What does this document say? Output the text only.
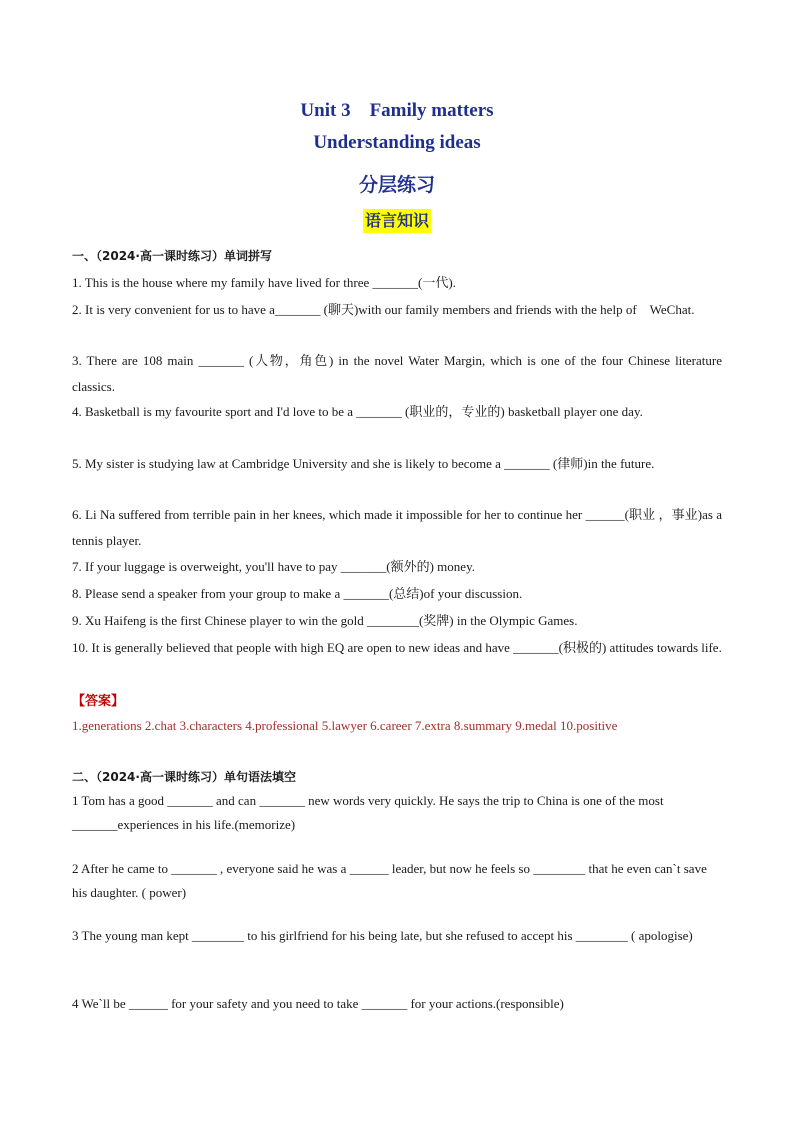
Unit 3　Family matters
Understanding ideas
分层练习
语言知识
一、（2024·高一课时练习）单词拼写
1. This is the house where my family have lived for three _______(一代).
2. It is very convenient for us to have a_______ (聊天)with our family members and friends with the help of　WeChat.
3. There are 108 main _______ (人物，角色) in the novel Water Margin, which is one of the four Chinese literature classics.
4. Basketball is my favourite sport and I'd love to be a _______ (职业的，专业的) basketball player one day.
5. My sister is studying law at Cambridge University and she is likely to become a _______ (律师)in the future.
6. Li Na suffered from terrible pain in her knees, which made it impossible for her to continue her ______(职业 ，事业)as a tennis player.
7. If your luggage is overweight, you'll have to pay _______(额外的) money.
8. Please send a speaker from your group to make a _______(总结)of your discussion.
9. Xu Haifeng is the first Chinese player to win the gold ________(奖牌) in the Olympic Games.
10. It is generally believed that people with high EQ are open to new ideas and have _______(积极的) attitudes towards life.
【答案】
1.generations 2.chat 3.characters 4.professional 5.lawyer 6.career 7.extra 8.summary 9.medal 10.positive
二、（2024·高一课时练习）单句语法填空
1 Tom has a good _______ and can _______ new words very quickly. He says the trip to China is one of the most _______experiences in his life.(memorize)
2 After he came to _______ , everyone said he was a ______ leader, but now he feels so ________ that he even can`t save his daughter. ( power)
3 The young man kept ________ to his girlfriend for his being late, but she refused to accept his ________ ( apologise)
4 We`ll be ______ for your safety and you need to take _______ for your actions.(responsible)
